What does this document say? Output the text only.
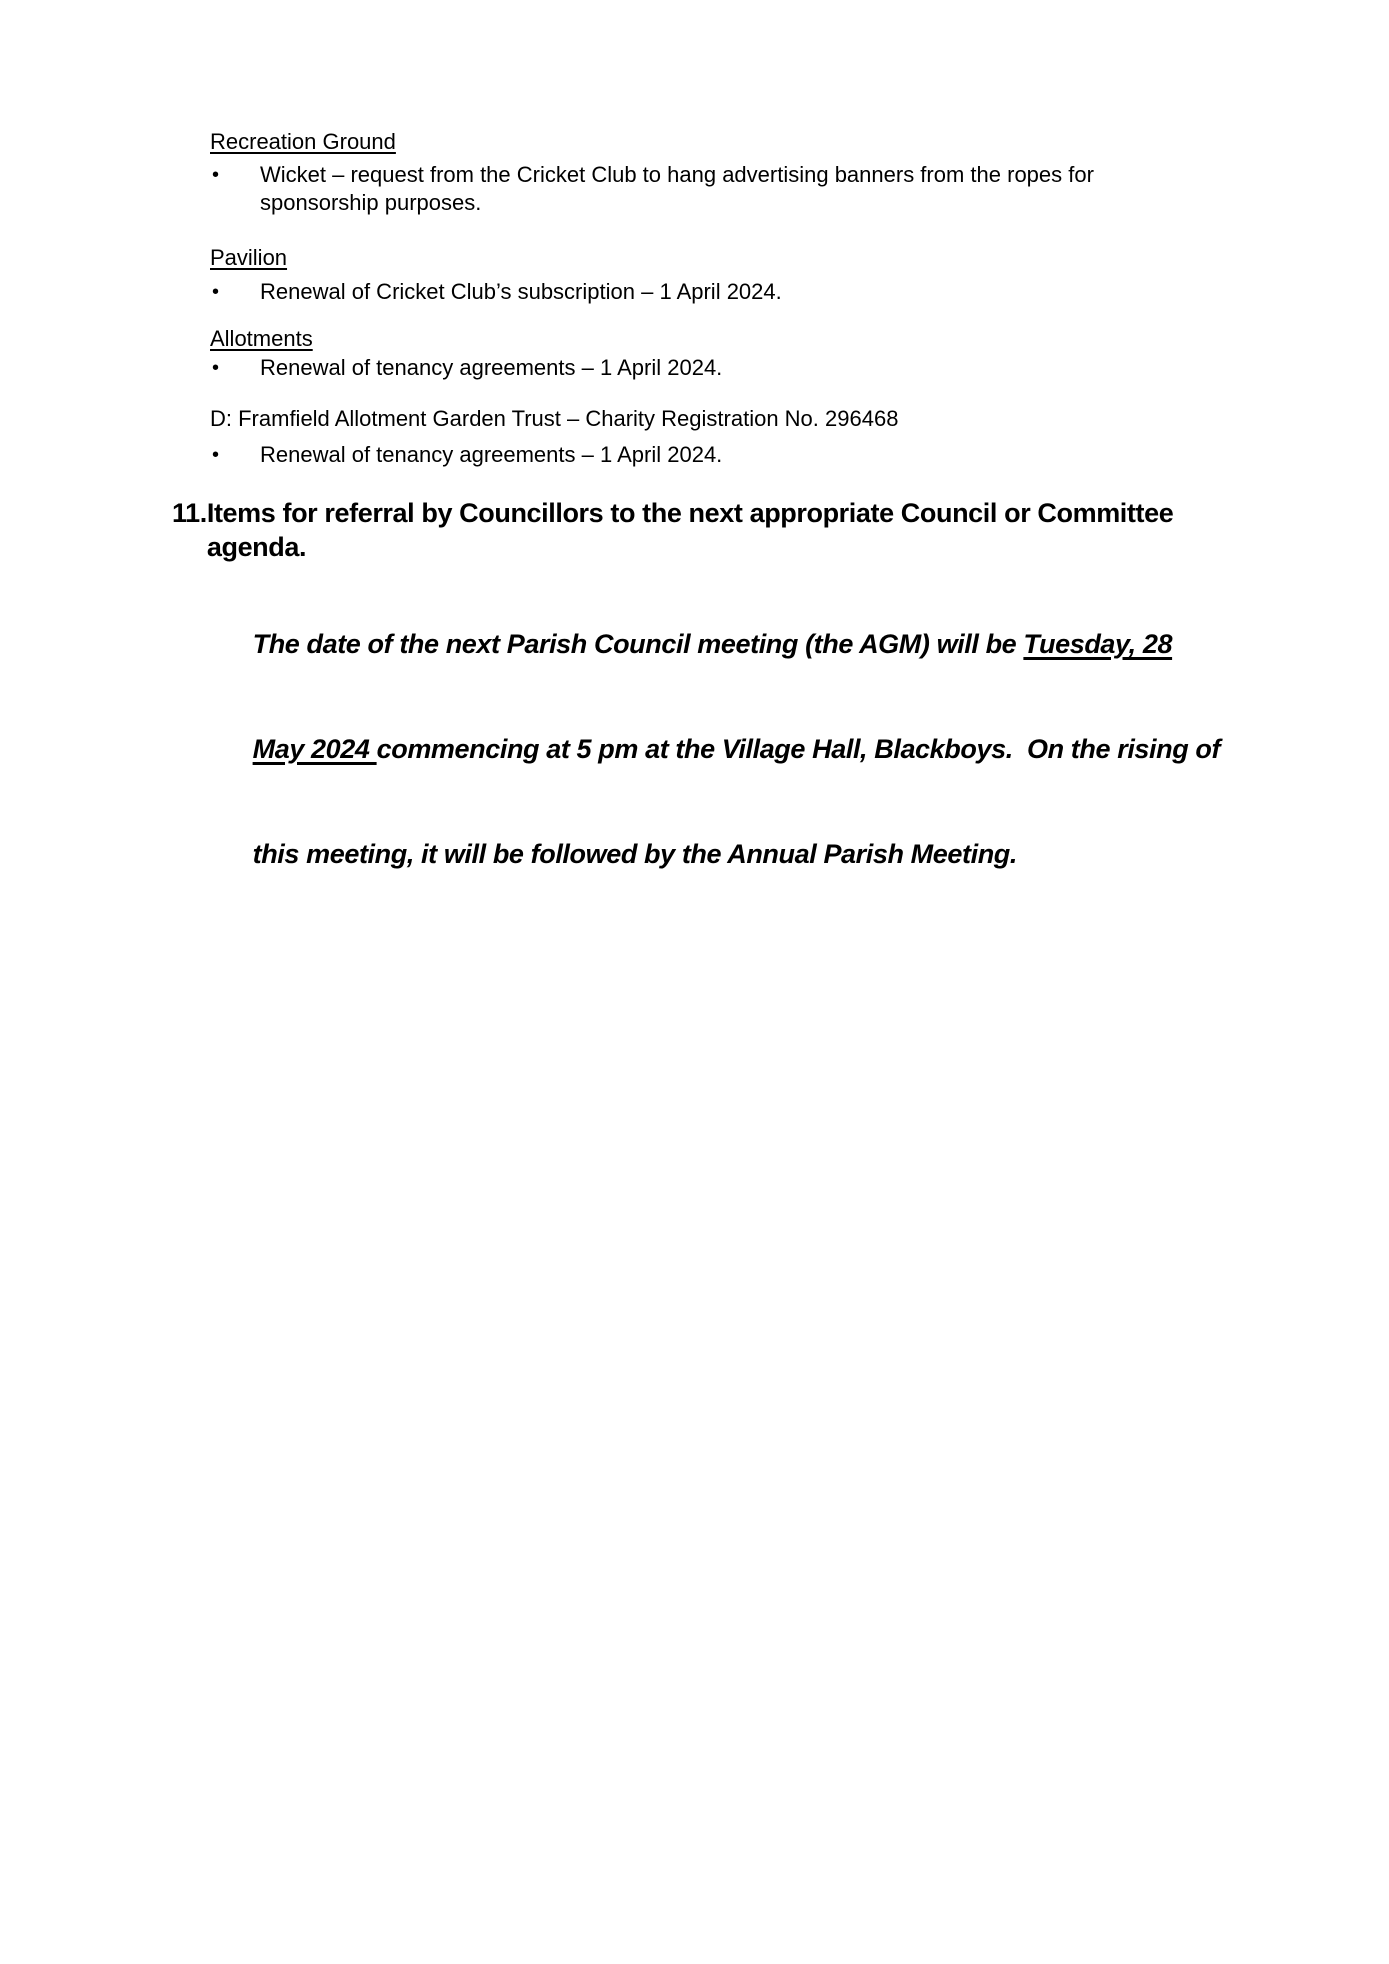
Recreation Ground
•	Wicket – request from the Cricket Club to hang advertising banners from the ropes for
sponsorship purposes.
Pavilion
•	Renewal of Cricket Club’s subscription – 1 April 2024.
Allotments
•	Renewal of tenancy agreements – 1 April 2024.
D: Framfield Allotment Garden Trust – Charity Registration No. 296468
•	Renewal of tenancy agreements – 1 April 2024.
11. Items for referral by Councillors to the next appropriate Council or Committee
agenda.

The date of the next Parish Council meeting (the AGM) will be Tuesday, 28

May 2024 commencing at 5 pm at the Village Hall, Blackboys.  On the rising of

this meeting, it will be followed by the Annual Parish Meeting.
